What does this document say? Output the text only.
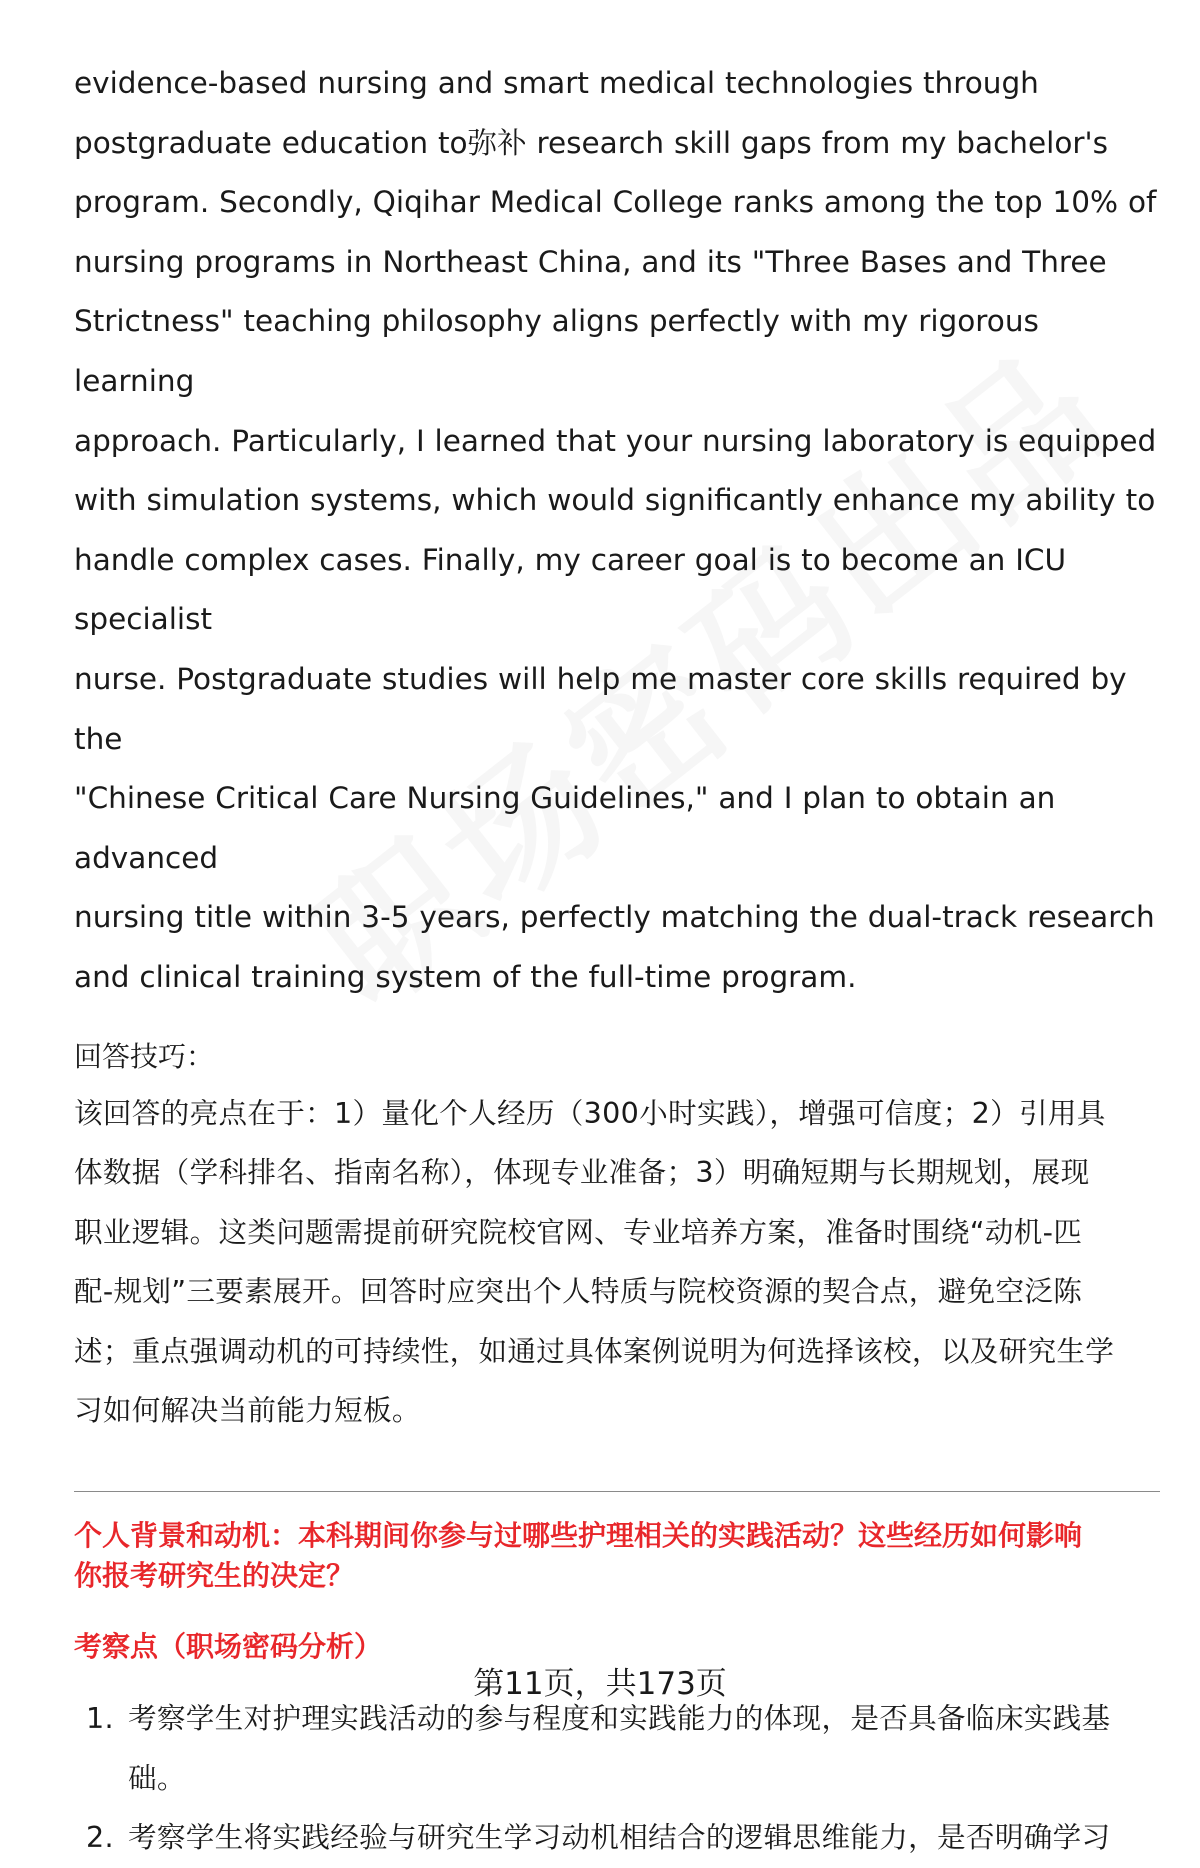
evidence-based nursing and smart medical technologies through
postgraduate education to弥补 research skill gaps from my bachelor's
program. Secondly, Qiqihar Medical College ranks among the top 10% of
nursing programs in Northeast China, and its "Three Bases and Three
Strictness" teaching philosophy aligns perfectly with my rigorous learning
approach. Particularly, I learned that your nursing laboratory is equipped
with simulation systems, which would significantly enhance my ability to
handle complex cases. Finally, my career goal is to become an ICU specialist
nurse. Postgraduate studies will help me master core skills required by the
"Chinese Critical Care Nursing Guidelines," and I plan to obtain an advanced
nursing title within 3-5 years, perfectly matching the dual-track research
and clinical training system of the full-time program.
回答技巧：
该回答的亮点在于：1）量化个人经历（300小时实践），增强可信度；2）引用具
体数据（学科排名、指南名称），体现专业准备；3）明确短期与长期规划，展现
职业逻辑。这类问题需提前研究院校官网、专业培养方案，准备时围绕“动机-匹
配-规划”三要素展开。回答时应突出个人特质与院校资源的契合点，避免空泛陈
述；重点强调动机的可持续性，如通过具体案例说明为何选择该校，以及研究生学
习如何解决当前能力短板。
个人背景和动机：本科期间你参与过哪些护理相关的实践活动？这些经历如何影响
你报考研究生的决定？
考察点（职场密码分析）
1. 考察学生对护理实践活动的参与程度和实践能力的体现，是否具备临床实践基
础。
2. 考察学生将实践经验与研究生学习动机相结合的逻辑思维能力，是否明确学习
第11页，共173页
